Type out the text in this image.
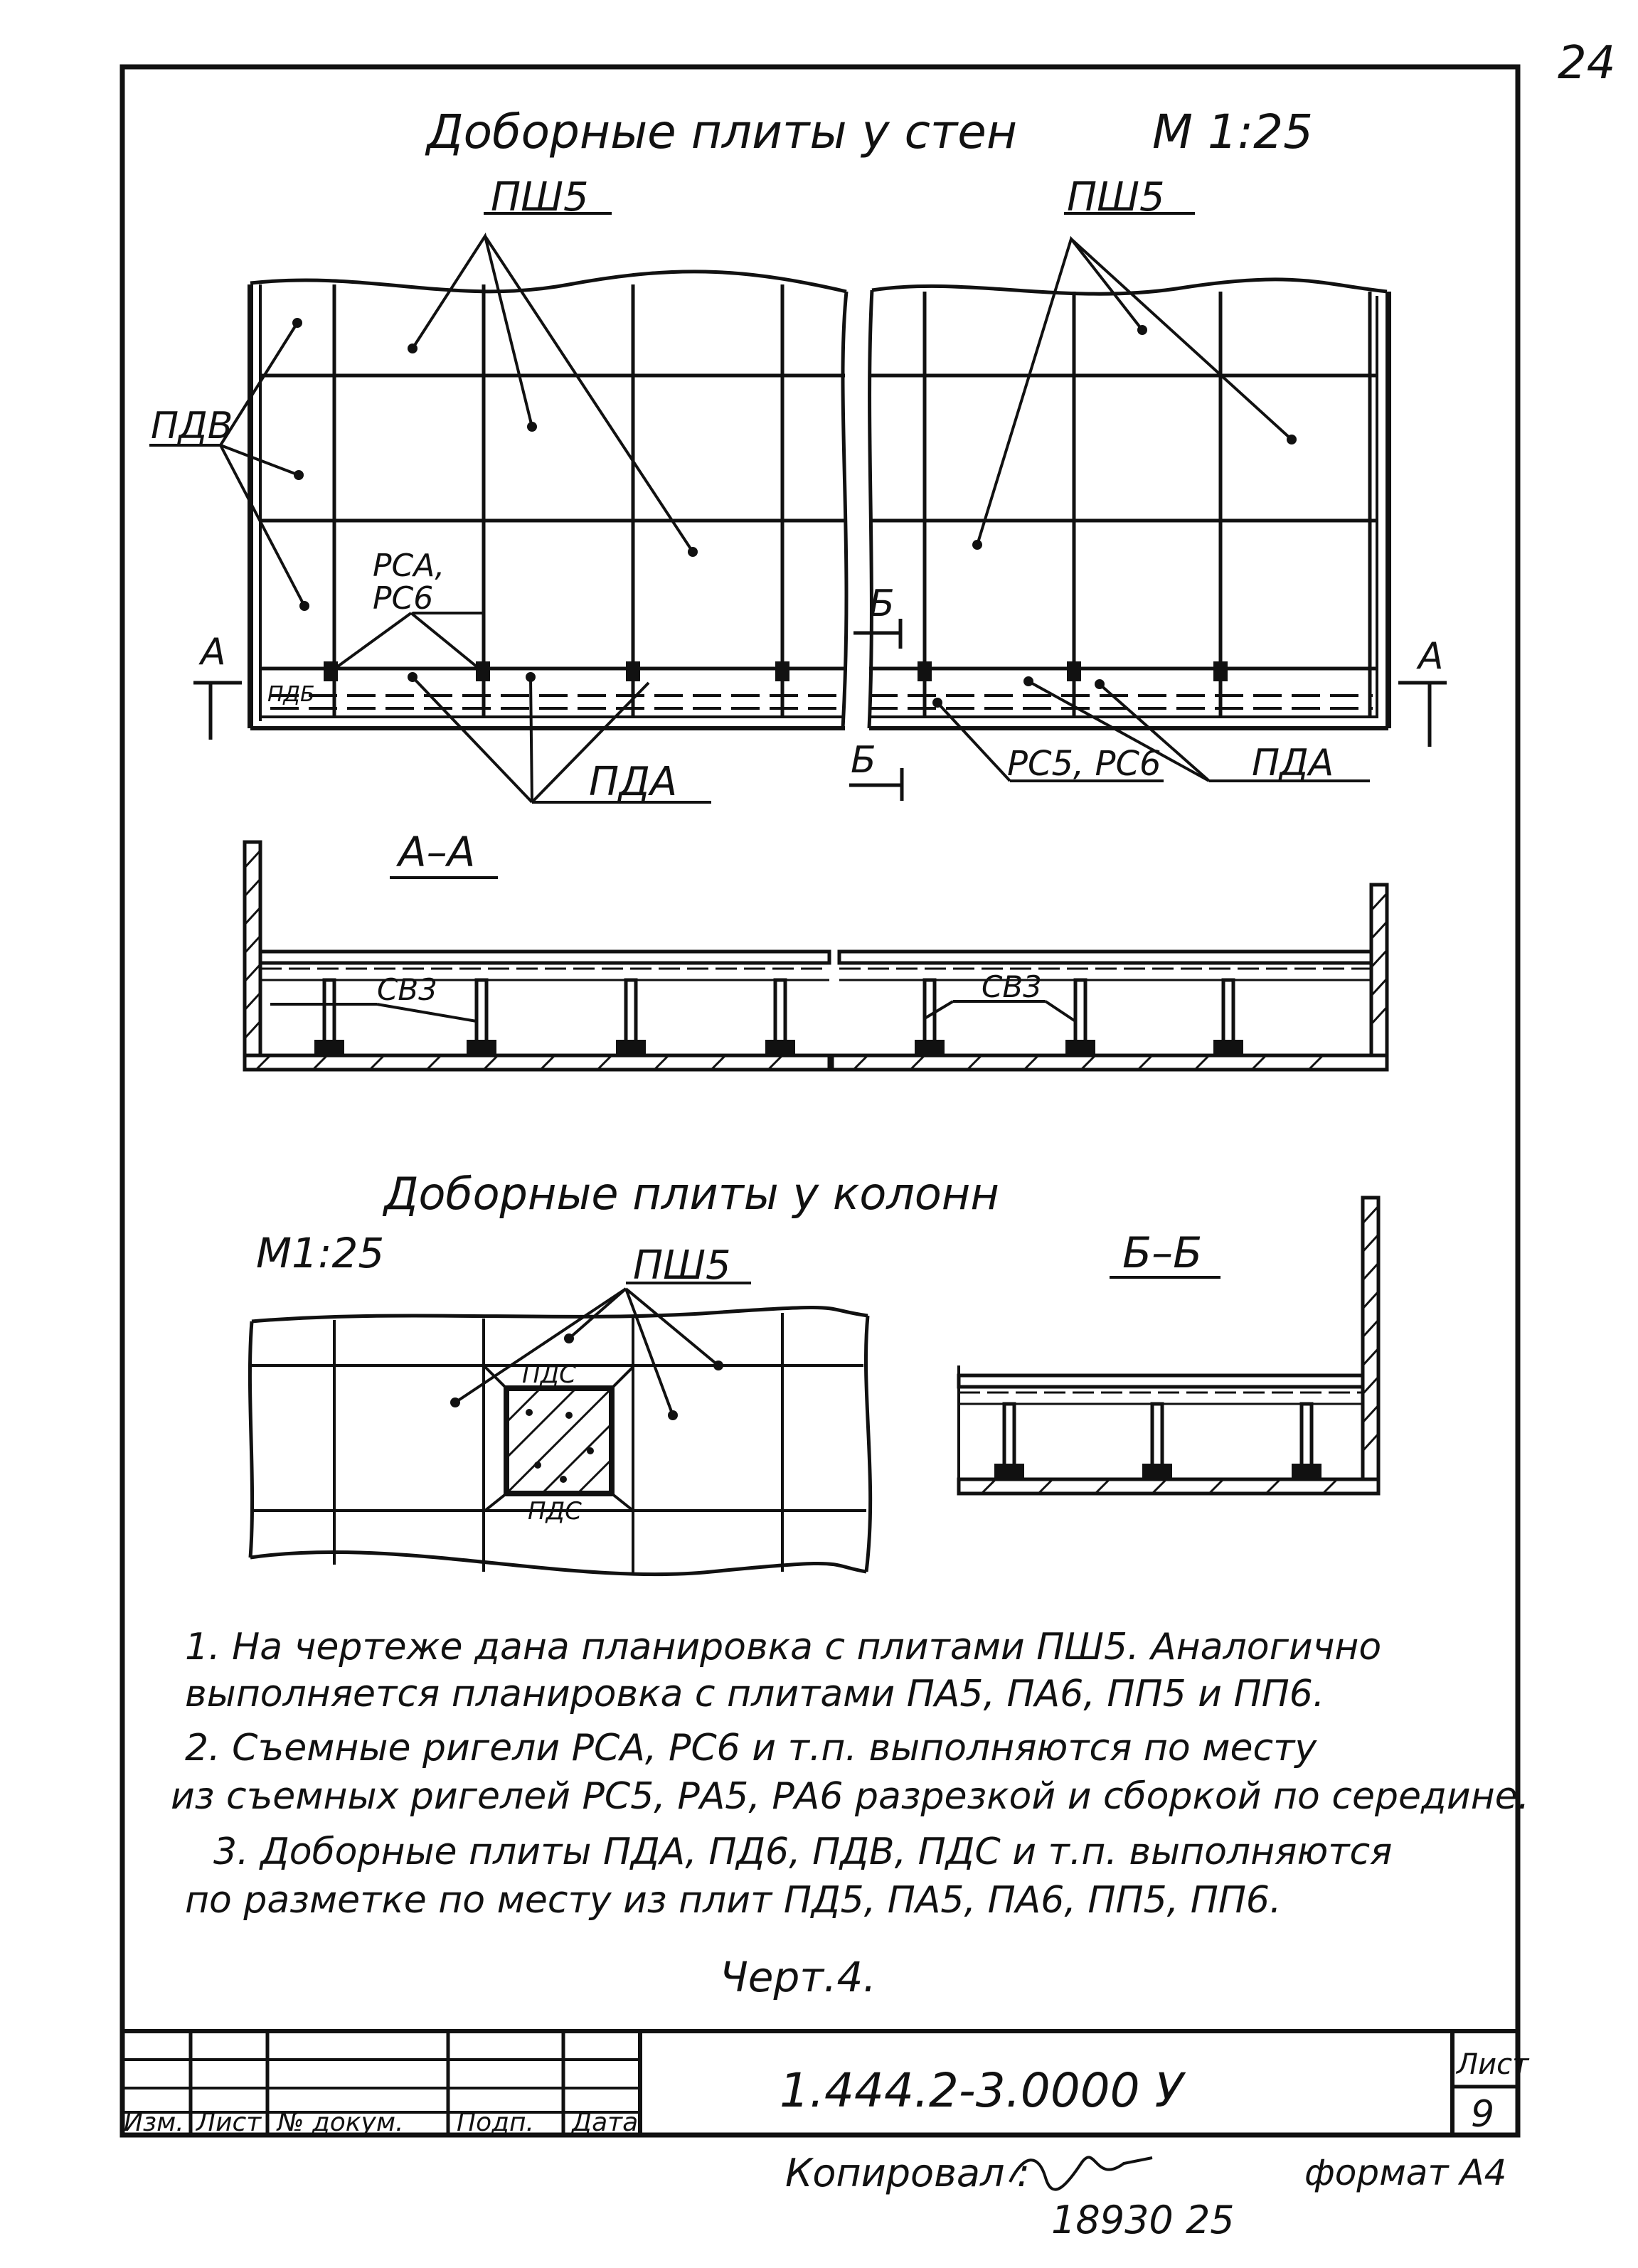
24
Доборные плиты у стен	М 1:25
ПШ5
ПДВ
ПДБ
РСА,
РС6
ПДА
А	А
ПШ5
РС5, РС6 ПДА
Б
Б
А–А
СВ3	СВ3
Доборные плиты у колонн
М1:25	ПШ5
ПДС
ПДС
Б–Б
Черт.4.
Изм. Лист № докум. Подп. Дата
1.444.2-3.0000 У	Лист
9
Копировал :	формат А4
18930 25
1. На чертеже дана планировка с плитами ПШ5. Аналогично
выполняется планировка с плитами ПА5, ПА6, ПП5 и ПП6.
2. Съемные ригели РСА, РС6 и т.п. выполняются по месту
из съемных ригелей РС5, РА5, РА6 разрезкой и сборкой по середине.
3. Доборные плиты ПДА, ПД6, ПДВ, ПДС и т.п. выполняются
по разметке по месту из плит ПД5, ПА5, ПА6, ПП5, ПП6.
